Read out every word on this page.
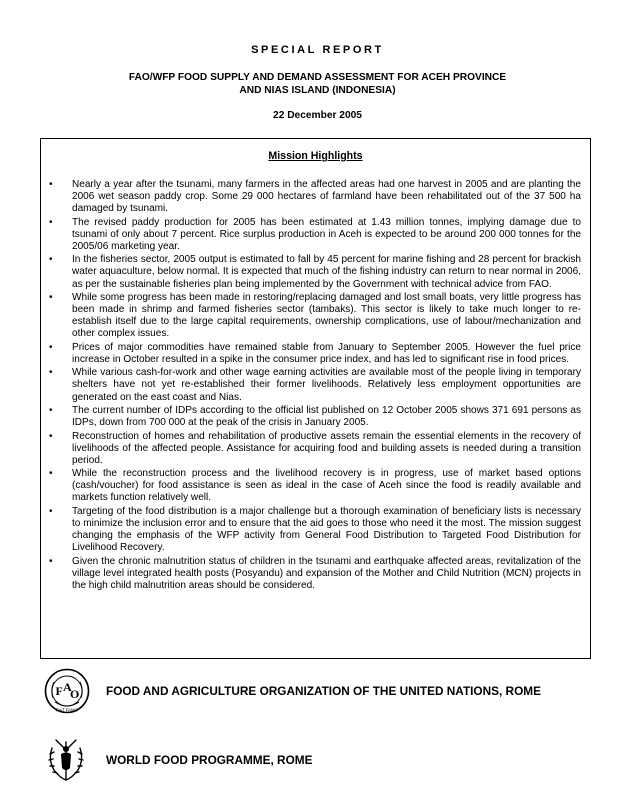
SPECIAL REPORT
FAO/WFP FOOD SUPPLY AND DEMAND ASSESSMENT FOR ACEH PROVINCE
AND NIAS ISLAND (INDONESIA)
22 December 2005
Mission Highlights
• Nearly a year after the tsunami, many farmers in the affected areas had one harvest in 2005 and are planting the 2006 wet season paddy crop. Some 29 000 hectares of farmland have been rehabilitated out of the 37 500 ha damaged by tsunami.
• The revised paddy production for 2005 has been estimated at 1.43 million tonnes, implying damage due to tsunami of only about 7 percent. Rice surplus production in Aceh is expected to be around 200 000 tonnes for the 2005/06 marketing year.
• In the fisheries sector, 2005 output is estimated to fall by 45 percent for marine fishing and 28 percent for brackish water aquaculture, below normal. It is expected that much of the fishing industry can return to near normal in 2006, as per the sustainable fisheries plan being implemented by the Government with technical advice from FAO.
• While some progress has been made in restoring/replacing damaged and lost small boats, very little progress has been made in shrimp and farmed fisheries sector (tambaks). This sector is likely to take much longer to re-establish itself due to the large capital requirements, ownership complications, use of labour/mechanization and other complex issues.
• Prices of major commodities have remained stable from January to September 2005. However the fuel price increase in October resulted in a spike in the consumer price index, and has led to significant rise in food prices.
• While various cash-for-work and other wage earning activities are available most of the people living in temporary shelters have not yet re-established their former livelihoods. Relatively less employment opportunities are generated on the east coast and Nias.
• The current number of IDPs according to the official list published on 12 October 2005 shows 371 691 persons as IDPs, down from 700 000 at the peak of the crisis in January 2005.
• Reconstruction of homes and rehabilitation of productive assets remain the essential elements in the recovery of livelihoods of the affected people. Assistance for acquiring food and building assets is needed during a transition period.
• While the reconstruction process and the livelihood recovery is in progress, use of market based options (cash/voucher) for food assistance is seen as ideal in the case of Aceh since the food is readily available and markets function relatively well.
• Targeting of the food distribution is a major challenge but a thorough examination of beneficiary lists is necessary to minimize the inclusion error and to ensure that the aid goes to those who need it the most. The mission suggest changing the emphasis of the WFP activity from General Food Distribution to Targeted Food Distribution for Livelihood Recovery.
• Given the chronic malnutrition status of children in the tsunami and earthquake affected areas, revitalization of the village level integrated health posts (Posyandu) and expansion of the Mother and Child Nutrition (MCN) projects in the high child malnutrition areas should be considered.
F A
O
FIAT PANIS
FOOD AND AGRICULTURE ORGANIZATION OF THE UNITED NATIONS, ROME
WORLD FOOD PROGRAMME, ROME
